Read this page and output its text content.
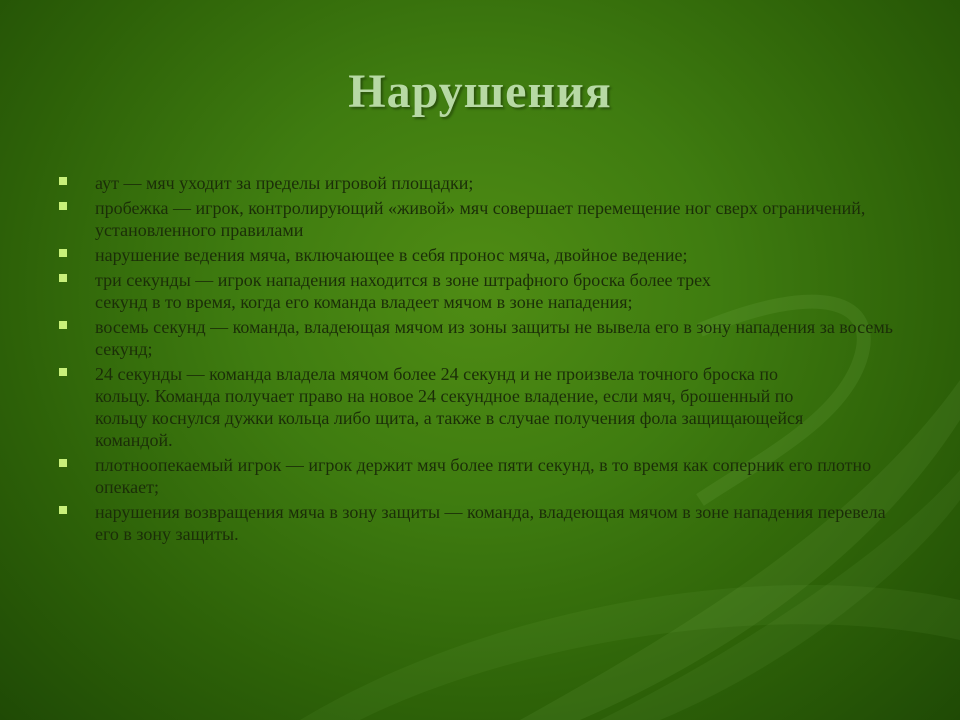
Нарушения
аут — мяч уходит за пределы игровой площадки;
пробежка — игрок, контролирующий «живой» мяч совершает перемещение ног сверх ограничений, установленного правилами
нарушение ведения мяча, включающее в себя пронос мяча, двойное ведение;
три секунды — игрок нападения находится в зоне штрафного броска более трех секунд в то время, когда его команда владеет мячом в зоне нападения;
восемь секунд — команда, владеющая мячом из зоны защиты не вывела его в зону нападения за восемь секунд;
24 секунды — команда владела мячом более 24 секунд и не произвела точного броска по кольцу. Команда получает право на новое 24 секундное владение, если мяч, брошенный по кольцу коснулся дужки кольца либо щита, а также в случае получения фола защищающейся командой.
плотноопекаемый игрок — игрок держит мяч более пяти секунд, в то время как соперник его плотно опекает;
нарушения возвращения мяча в зону защиты — команда, владеющая мячом в зоне нападения перевела его в зону защиты.
